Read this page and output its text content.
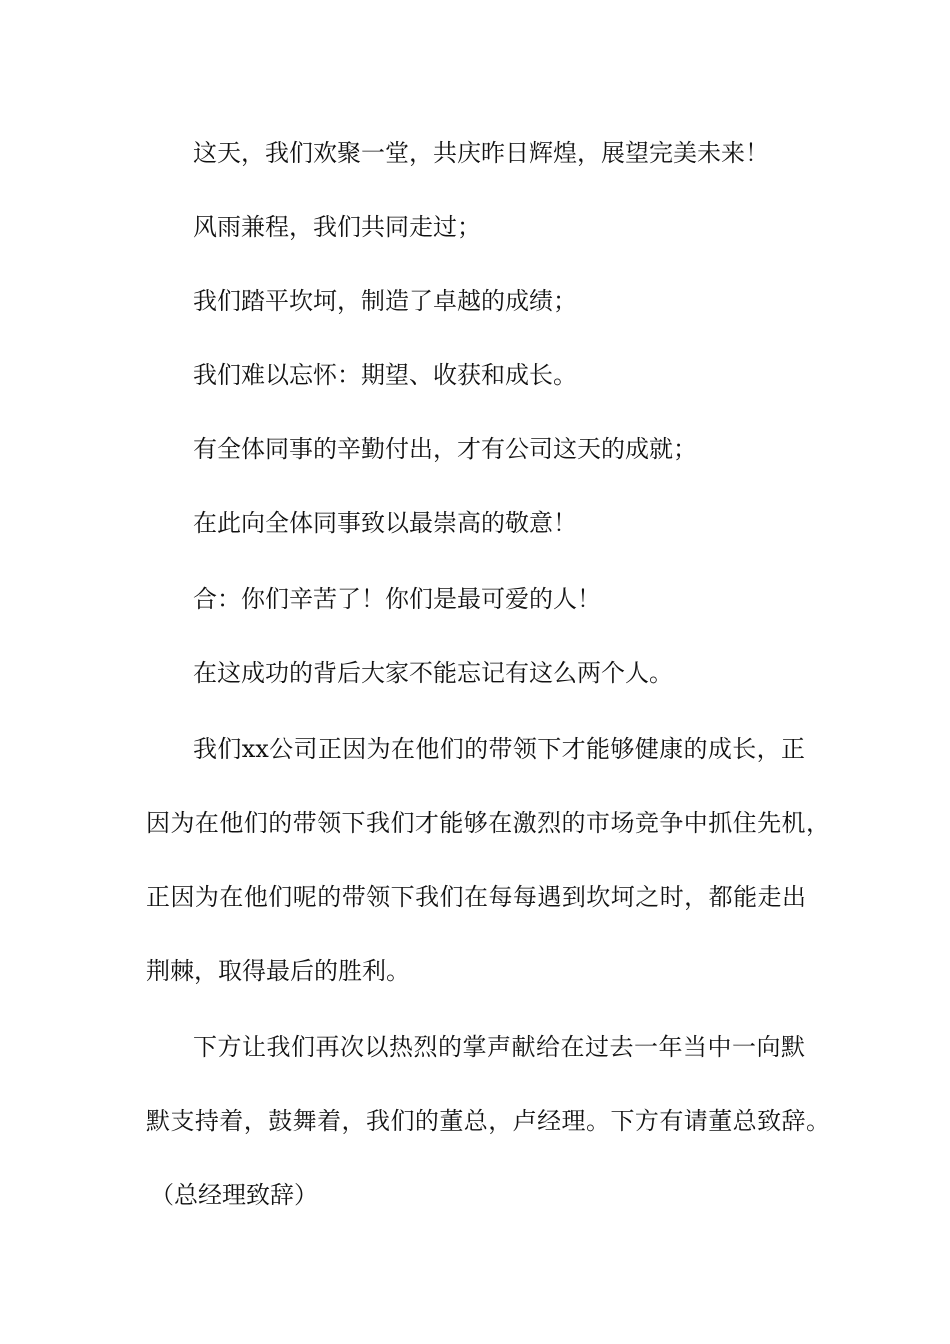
这天，我们欢聚一堂，共庆昨日辉煌，展望完美未来！

风雨兼程，我们共同走过；

我们踏平坎坷，制造了卓越的成绩；

我们难以忘怀：期望、收获和成长。

有全体同事的辛勤付出，才有公司这天的成就；

在此向全体同事致以最崇高的敬意！

合：你们辛苦了！你们是最可爱的人！

在这成功的背后大家不能忘记有这么两个人。

我们xx公司正因为在他们的带领下才能够健康的成长，正

因为在他们的带领下我们才能够在激烈的市场竞争中抓住先机，

正因为在他们呢的带领下我们在每每遇到坎坷之时，都能走出

荆棘，取得最后的胜利。

下方让我们再次以热烈的掌声献给在过去一年当中一向默

默支持着，鼓舞着，我们的董总，卢经理。下方有请董总致辞。

（总经理致辞）
